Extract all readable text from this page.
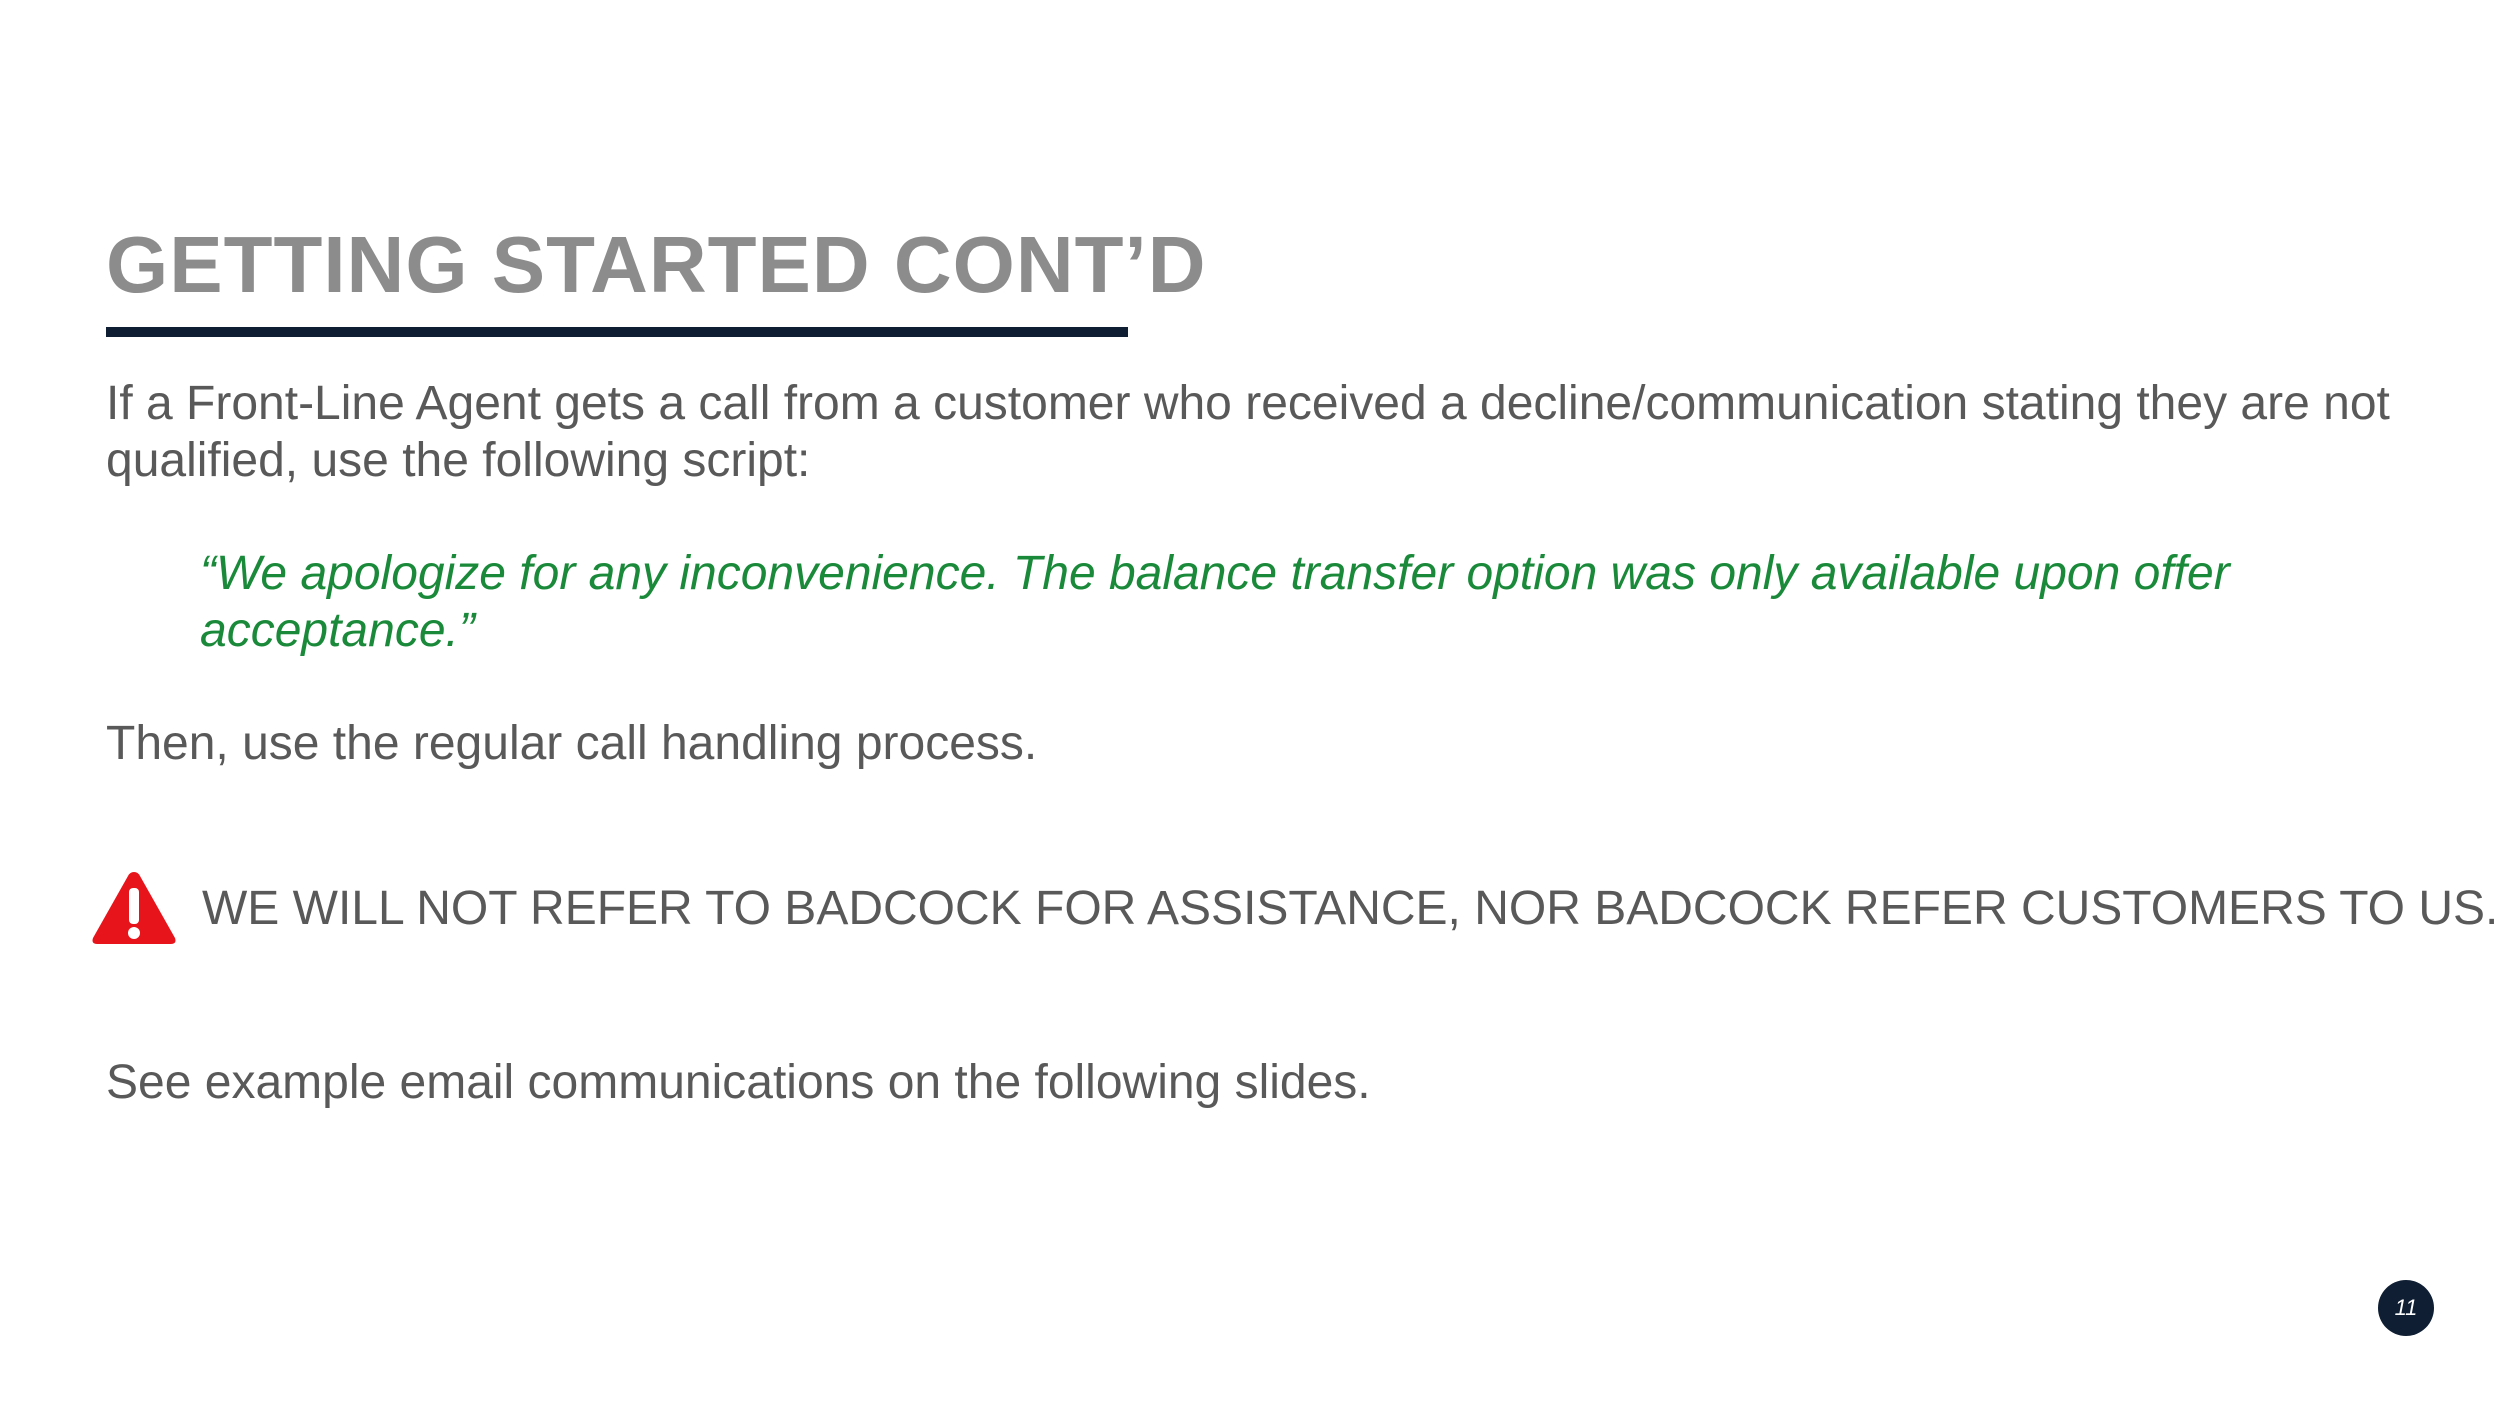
GETTING STARTED CONT’D

If a Front-Line Agent gets a call from a customer who received a decline/communication stating they are not qualified, use the following script:

“We apologize for any inconvenience. The balance transfer option was only available upon offer acceptance.”

Then, use the regular call handling process.

WE WILL NOT REFER TO BADCOCK FOR ASSISTANCE, NOR BADCOCK REFER CUSTOMERS TO US.

See example email communications on the following slides.

11
